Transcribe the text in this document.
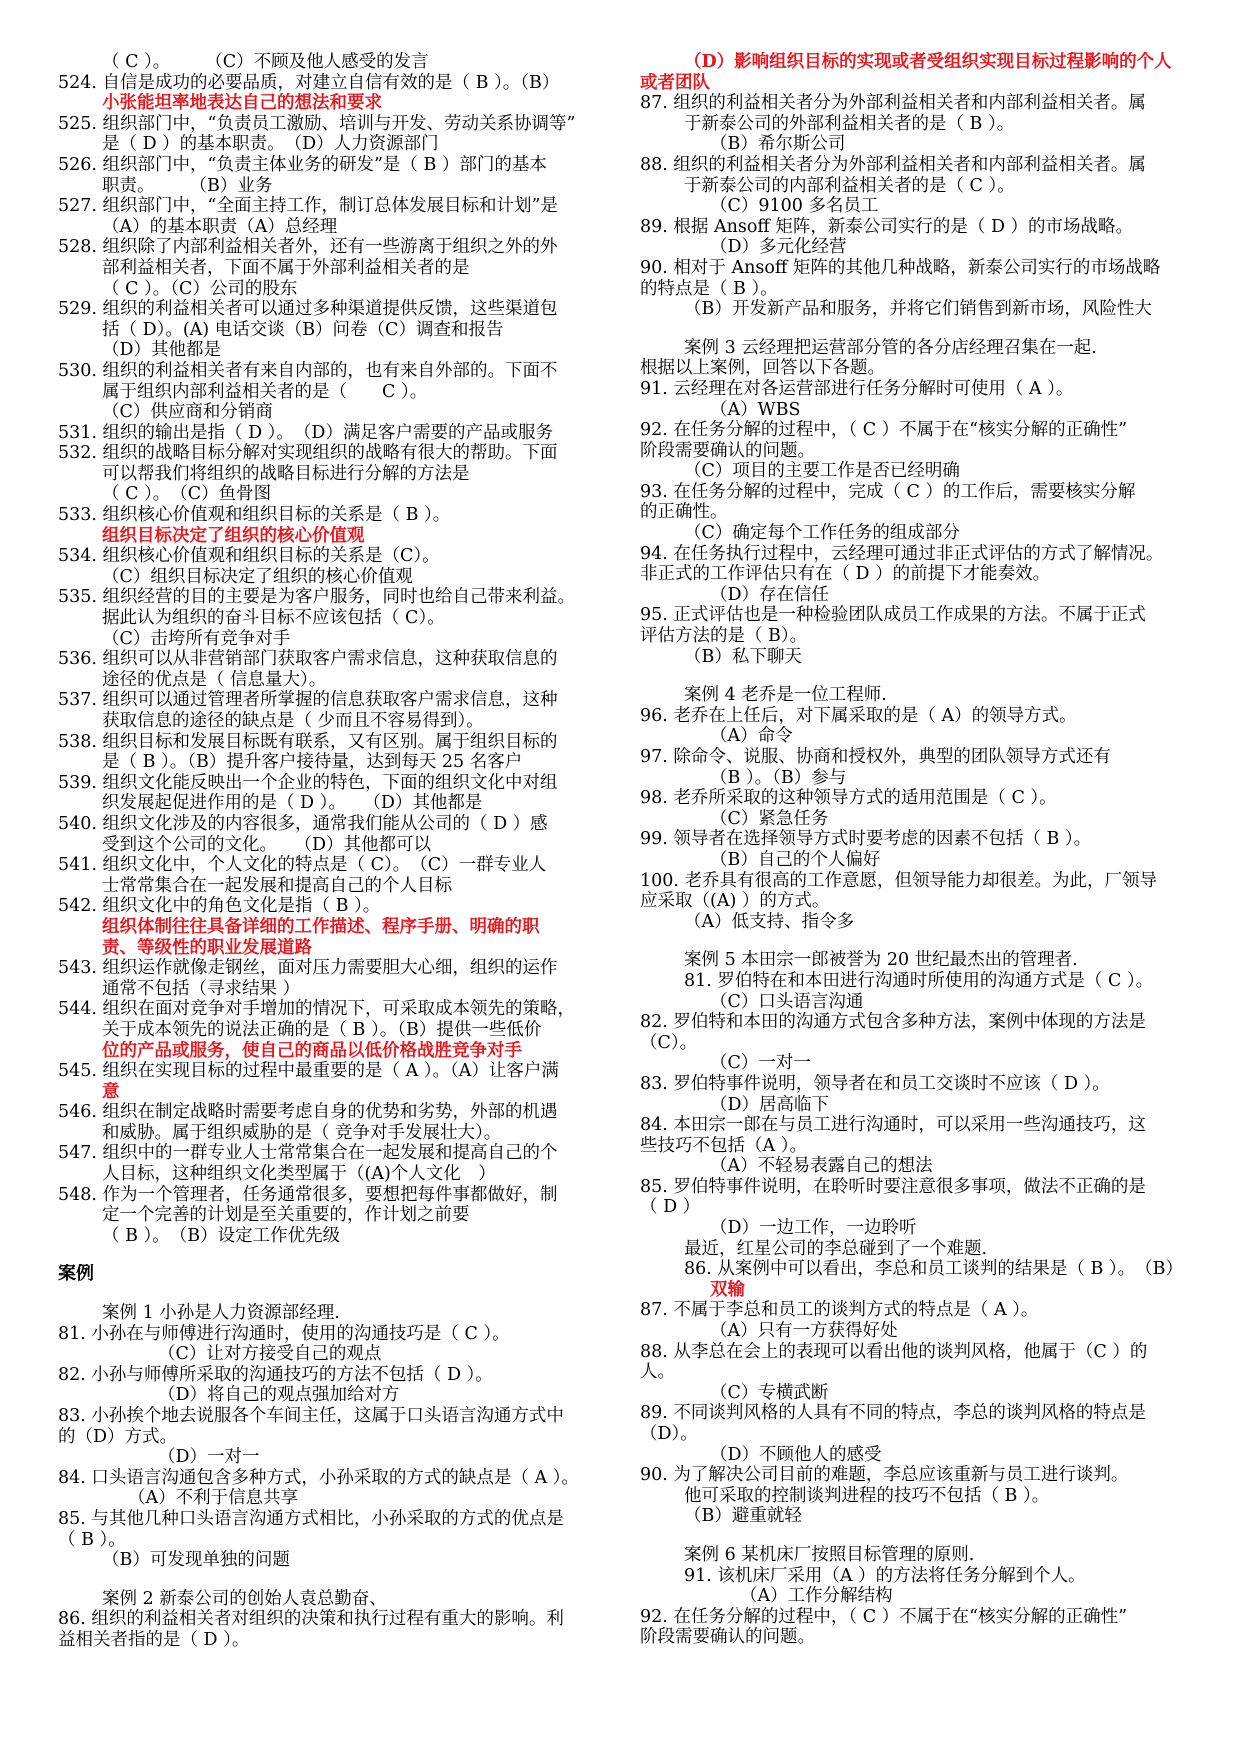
（ C ）。　　　（C）不顾及他人感受的发言
524. 自信是成功的必要品质，对建立自信有效的是（ B ）。（B）
小张能坦率地表达自己的想法和要求
525. 组织部门中，“负责员工激励、培训与开发、劳动关系协调等”
是（ D ）的基本职责。　（D）人力资源部门
526. 组织部门中，“负责主体业务的研发”是（ B ）部门的基本
职责。　　　（B）业务
527. 组织部门中，“全面主持工作，制订总体发展目标和计划”是
（A）的基本职责（A）总经理
528. 组织除了内部利益相关者外，还有一些游离于组织之外的外
部利益相关者，下面不属于外部利益相关者的是
（ C ）。（C）公司的股东
529. 组织的利益相关者可以通过多种渠道提供反馈，这些渠道包
括（ D）。(A) 电话交谈（B）问卷（C）调查和报告
（D）其他都是
530. 组织的利益相关者有来自内部的，也有来自外部的。下面不
属于组织内部利益相关者的是（　　C ）。
（C）供应商和分销商
531. 组织的输出是指（ D ）。　（D）满足客户需要的产品或服务
532. 组织的战略目标分解对实现组织的战略有很大的帮助。下面
可以帮我们将组织的战略目标进行分解的方法是
（ C ）。　（C）鱼骨图
533. 组织核心价值观和组织目标的关系是（ B ）。
组织目标决定了组织的核心价值观
534. 组织核心价值观和组织目标的关系是（C）。
（C）组织目标决定了组织的核心价值观
535. 组织经营的目的主要是为客户服务，同时也给自己带来利益。
据此认为组织的奋斗目标不应该包括（ C）。
（C）击垮所有竞争对手
536. 组织可以从非营销部门获取客户需求信息，这种获取信息的
途径的优点是（ 信息量大）。
537. 组织可以通过管理者所掌握的信息获取客户需求信息，这种
获取信息的途径的缺点是（ 少而且不容易得到）。
538. 组织目标和发展目标既有联系，又有区别。属于组织目标的
是（ B ）。（B）提升客户接待量，达到每天 25 名客户
539. 组织文化能反映出一个企业的特色，下面的组织文化中对组
织发展起促进作用的是（ D ）。　　（D）其他都是
540. 组织文化涉及的内容很多，通常我们能从公司的（ D ）感
受到这个公司的文化。　　（D）其他都可以
541. 组织文化中，个人文化的特点是（ C）。　（C）一群专业人
士常常集合在一起发展和提高自己的个人目标
542. 组织文化中的角色文化是指（ B ）。
组织体制往往具备详细的工作描述、程序手册、明确的职
责、等级性的职业发展道路
543. 组织运作就像走钢丝，面对压力需要胆大心细，组织的运作
通常不包括（寻求结果 ）
544. 组织在面对竞争对手增加的情况下，可采取成本领先的策略，
关于成本领先的说法正确的是（ B ）。（B）提供一些低价
位的产品或服务，使自己的商品以低价格战胜竞争对手
545. 组织在实现目标的过程中最重要的是（ A ）。（A）让客户满
意
546. 组织在制定战略时需要考虑自身的优势和劣势，外部的机遇
和威胁。属于组织威胁的是（ 竞争对手发展壮大）。
547. 组织中的一群专业人士常常集合在一起发展和提高自己的个
人目标，这种组织文化类型属于（(A)个人文化　）
548. 作为一个管理者，任务通常很多，要想把每件事都做好，制
定一个完善的计划是至关重要的，作计划之前要
（ B ）。　（B）设定工作优先级
案例
案例 1 小孙是人力资源部经理.
81. 小孙在与师傅进行沟通时，使用的沟通技巧是（ C ）。
（C）让对方接受自己的观点
82. 小孙与师傅所采取的沟通技巧的方法不包括（ D ）。
（D）将自己的观点强加给对方
83. 小孙挨个地去说服各个车间主任，这属于口头语言沟通方式中
的（D）方式。
（D）一对一
84. 口头语言沟通包含多种方式，小孙采取的方式的缺点是（ A ）。
（A）不利于信息共享
85. 与其他几种口头语言沟通方式相比，小孙采取的方式的优点是
（ B ）。
（B）可发现单独的问题
案例 2 新泰公司的创始人袁总勤奋、
86. 组织的利益相关者对组织的决策和执行过程有重大的影响。利
益相关者指的是（ D ）。
（D）影响组织目标的实现或者受组织实现目标过程影响的个人
或者团队
87. 组织的利益相关者分为外部利益相关者和内部利益相关者。属
于新泰公司的外部利益相关者的是（ B ）。
（B）希尔斯公司
88. 组织的利益相关者分为外部利益相关者和内部利益相关者。属
于新泰公司的内部利益相关者的是（ C ）。
（C）9100 多名员工
89. 根据 Ansoff 矩阵，新泰公司实行的是（ D ）的市场战略。
（D）多元化经营
90. 相对于 Ansoff 矩阵的其他几种战略，新泰公司实行的市场战略
的特点是（ B ）。
（B）开发新产品和服务，并将它们销售到新市场，风险性大
案例 3 云经理把运营部分管的各分店经理召集在一起.
根据以上案例，回答以下各题。
91. 云经理在对各运营部进行任务分解时可使用（ A ）。
（A）WBS
92. 在任务分解的过程中，（ C ）不属于在“核实分解的正确性”
阶段需要确认的问题。
（C）项目的主要工作是否已经明确
93. 在任务分解的过程中，完成（ C ）的工作后，需要核实分解
的正确性。
（C）确定每个工作任务的组成部分
94. 在任务执行过程中，云经理可通过非正式评估的方式了解情况。
非正式的工作评估只有在（ D ）的前提下才能奏效。
（D）存在信任
95. 正式评估也是一种检验团队成员工作成果的方法。不属于正式
评估方法的是（ B）。
（B）私下聊天
案例 4 老乔是一位工程师.
96. 老乔在上任后，对下属采取的是（ A）的领导方式。
（A）命令
97. 除命令、说服、协商和授权外，典型的团队领导方式还有
（B ）。（B）参与
98. 老乔所采取的这种领导方式的适用范围是（ C ）。
（C）紧急任务
99. 领导者在选择领导方式时要考虑的因素不包括（ B ）。
（B）自己的个人偏好
100. 老乔具有很高的工作意愿，但领导能力却很差。为此，厂领导
应采取（(A) ）的方式。
（A）低支持、指令多
案例 5 本田宗一郎被誉为 20 世纪最杰出的管理者.
81. 罗伯特在和本田进行沟通时所使用的沟通方式是（ C ）。
（C）口头语言沟通
82. 罗伯特和本田的沟通方式包含多种方法，案例中体现的方法是
（C）。
（C）一对一
83. 罗伯特事件说明，领导者在和员工交谈时不应该（ D ）。
（D）居高临下
84. 本田宗一郎在与员工进行沟通时，可以采用一些沟通技巧，这
些技巧不包括（A ）。
（A）不轻易表露自己的想法
85. 罗伯特事件说明，在聆听时要注意很多事项，做法不正确的是
（ D ）
（D）一边工作，一边聆听
最近，红星公司的李总碰到了一个难题.
86. 从案例中可以看出，李总和员工谈判的结果是（ B ）。　（B）
双输
87. 不属于李总和员工的谈判方式的特点是（ A ）。
（A）只有一方获得好处
88. 从李总在会上的表现可以看出他的谈判风格，他属于（C ）的
人。
（C）专横武断
89. 不同谈判风格的人具有不同的特点，李总的谈判风格的特点是
（D）。
（D）不顾他人的感受
90. 为了解决公司目前的难题，李总应该重新与员工进行谈判。
他可采取的控制谈判进程的技巧不包括（ B ）。
（B）避重就轻
案例 6 某机床厂按照目标管理的原则.
91. 该机床厂采用（A ）的方法将任务分解到个人。
（A）工作分解结构
92. 在任务分解的过程中，（ C ）不属于在“核实分解的正确性”
阶段需要确认的问题。
